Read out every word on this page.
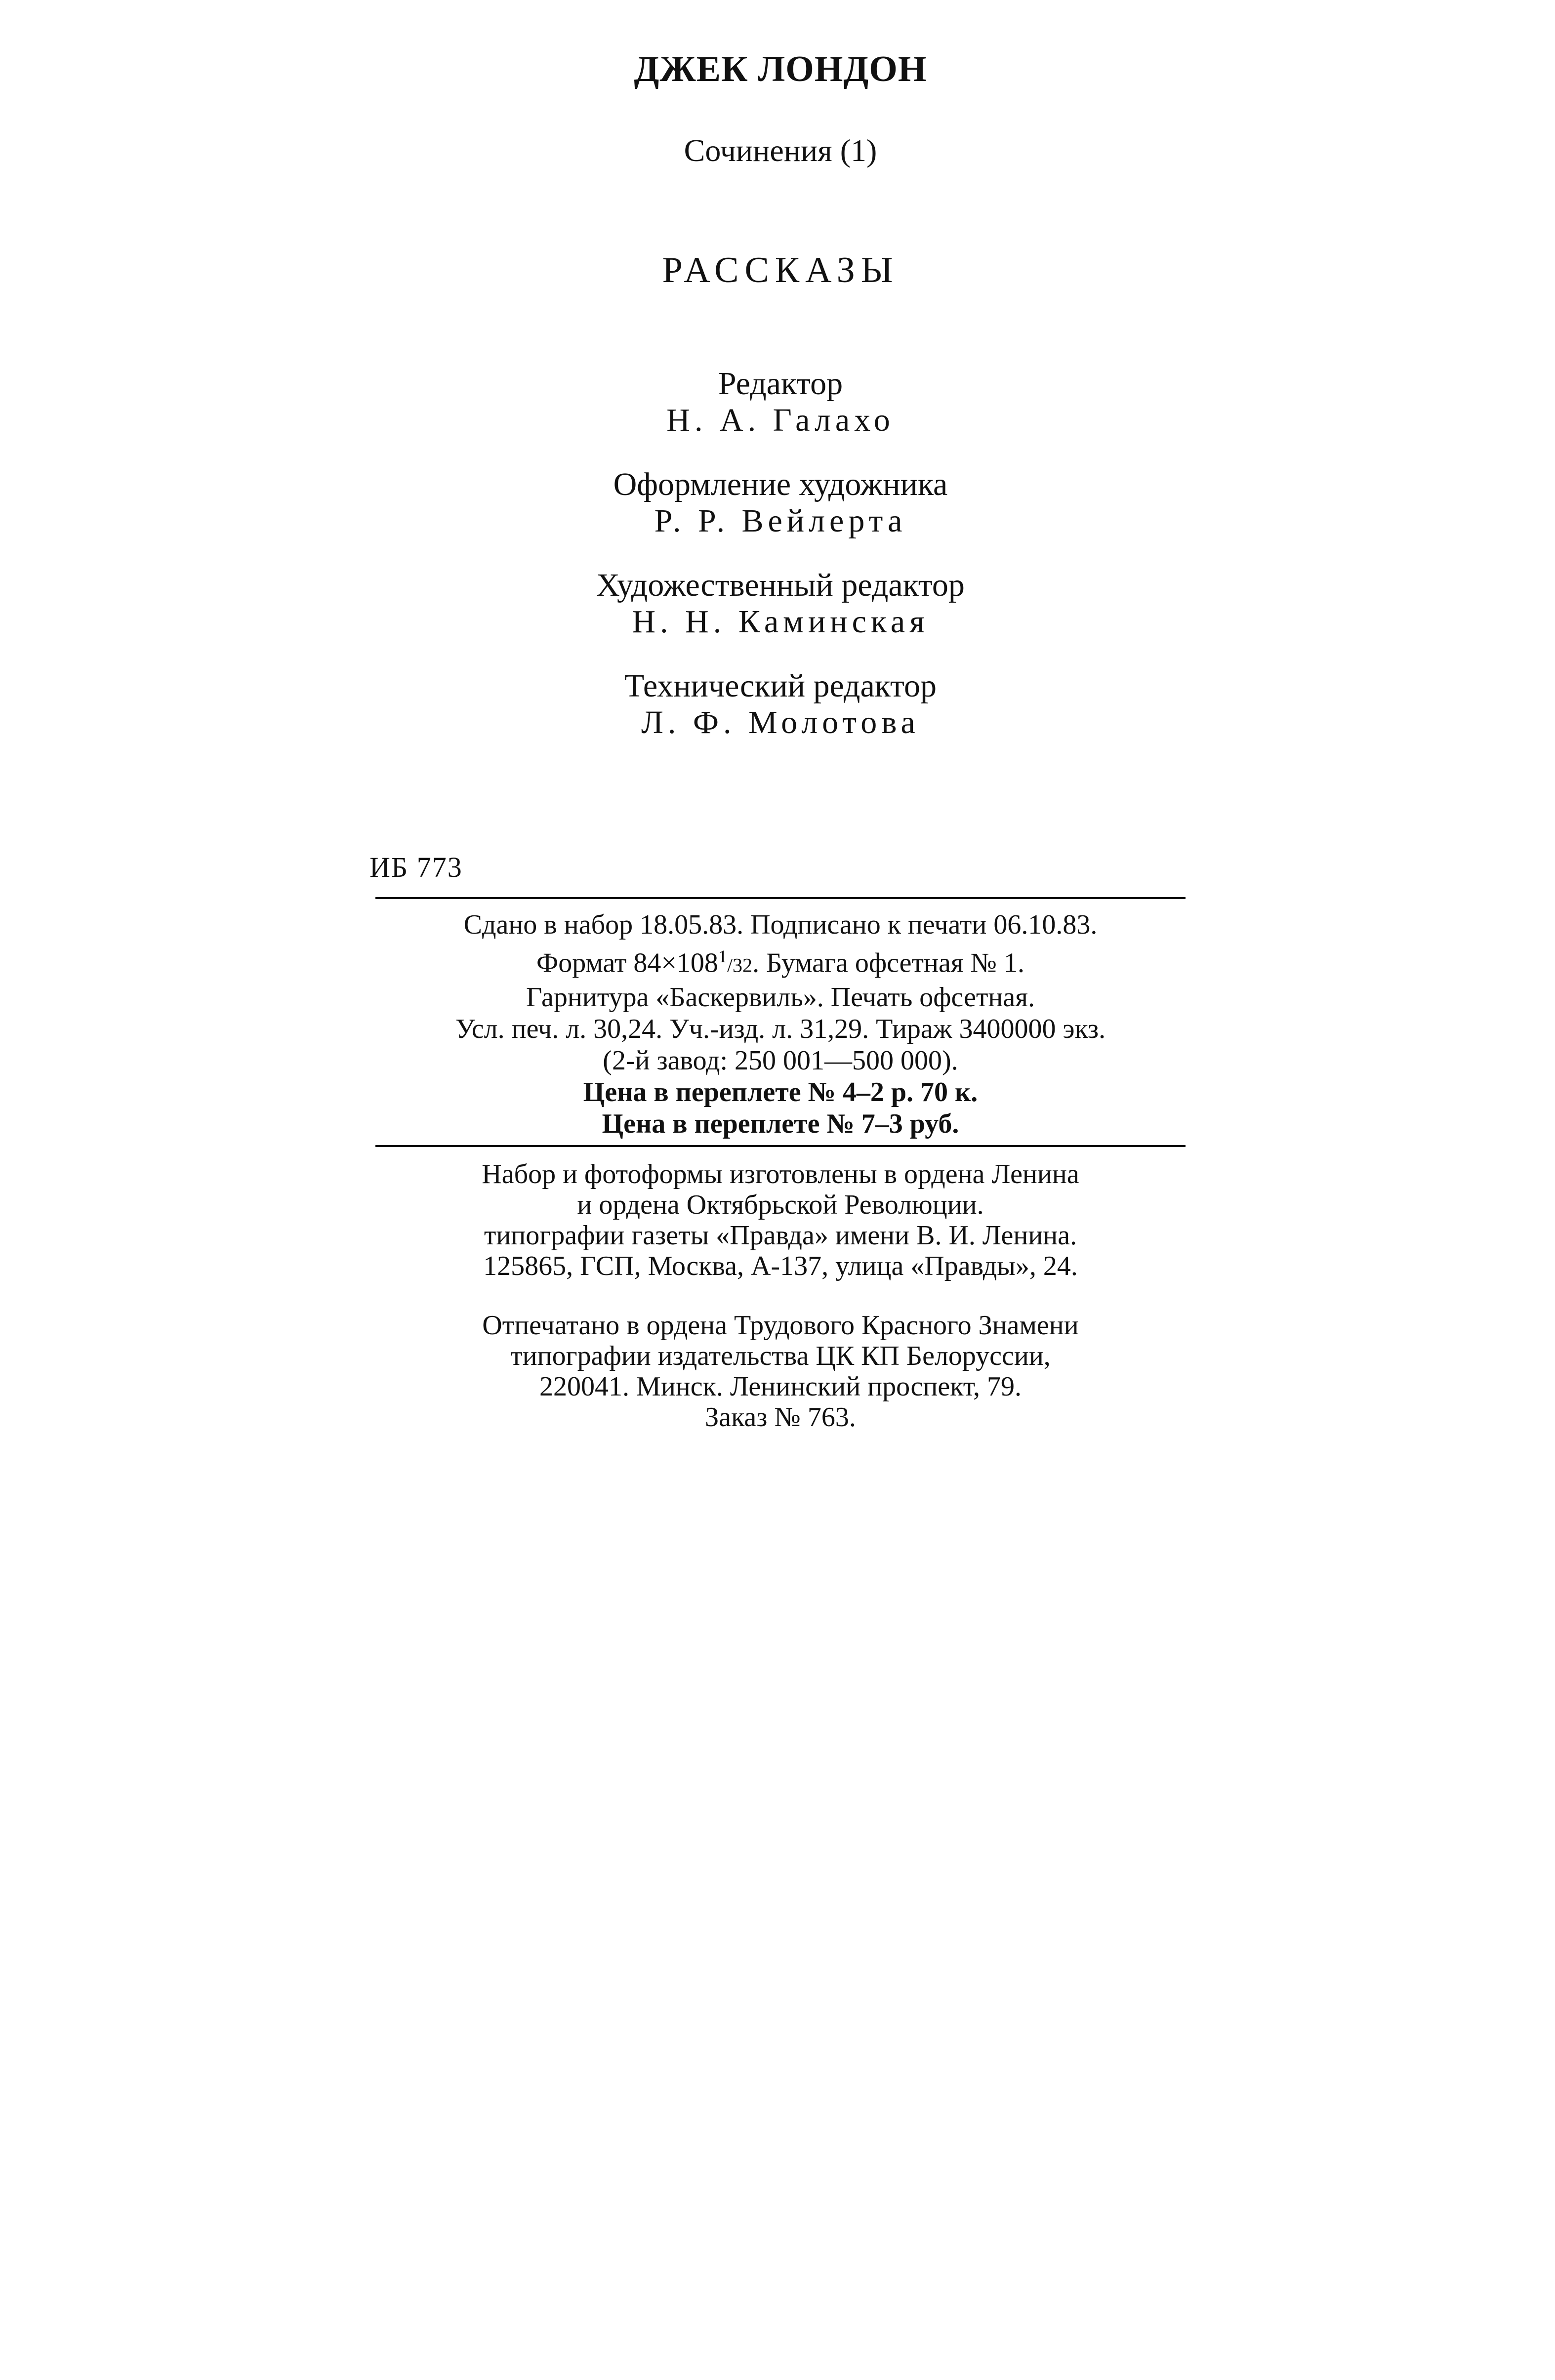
ДЖЕК ЛОНДОН
Сочинения (1)
РАССКАЗЫ
Редактор
Н. А. Галахо
Оформление художника
Р. Р. Вейлерта
Художественный редактор
Н. Н. Каминская
Технический редактор
Л. Ф. Молотова

ИБ 773

Сдано в набор 18.05.83. Подписано к печати 06.10.83.
Формат $84\times 108^1/32$. Бумага офсетная № 1.
Гарнитура «Баскервиль». Печать офсетная.
Усл. печ. л. 30,24. Уч.-изд. л. 31,29. Тираж 3400000 экз.
(2-й завод: 250 001—500 000).
Цена в переплете № 4–2 р. 70 к.
Цена в переплете № 7–3 руб.
Набор и фотоформы изготовлены в ордена Ленина
и ордена Октябрьской Революции.
типографии газеты «Правда» имени В. И. Ленина.
125865, ГСП, Москва, А-137, улица «Правды», 24.
Отпечатано в ордена Трудового Красного Знамени
типографии издательства ЦК КП Белоруссии,
220041. Минск. Ленинский проспект, 79.
Заказ № 763.
